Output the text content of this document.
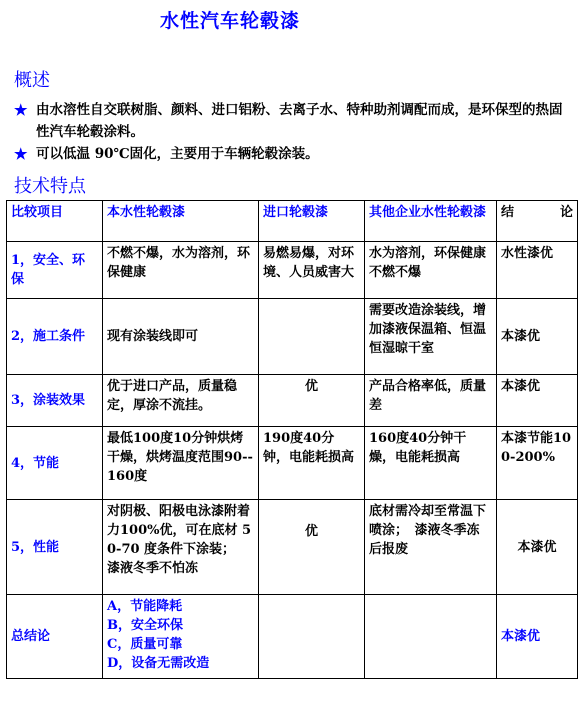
水性汽车轮毂漆
概述
★ 由水溶性自交联树脂、颜料、进口铝粉、去离子水、特种助剂调配而成，是环保型的热固性汽车轮毂涂料。
★ 可以低温 90℃固化，主要用于车辆轮毂涂装。
技术特点
比较项目	本水性轮毂漆	进口轮毂漆	其他企业水性轮毂漆	结 论

1，安全、环保	不燃不爆，水为溶剂，环保健康	易燃易爆，对环境、人员威害大	水为溶剂，环保健康不燃不爆	水性漆优
2，施工条件	现有涂装线即可		需要改造涂装线，增加漆液保温箱、恒温恒湿晾干室	本漆优
3，涂装效果	优于进口产品，质量稳定，厚涂不流挂。	优	产品合格率低，质量差	本漆优
4，节能	最低100度10分钟烘烤干燥，烘烤温度范围90--160度	190度40分钟，电能耗损高	160度40分钟干燥，电能耗损高	本漆节能100-200%
5，性能	对阴极、阳极电泳漆附着力100%优，可在底材 50-70 度条件下涂装；　漆液冬季不怕冻	优	底材需冷却至常温下喷涂；　漆液冬季冻后报废	本漆优
总结论	A，节能降耗
B，安全环保
C，质量可靠
D，设备无需改造			本漆优
